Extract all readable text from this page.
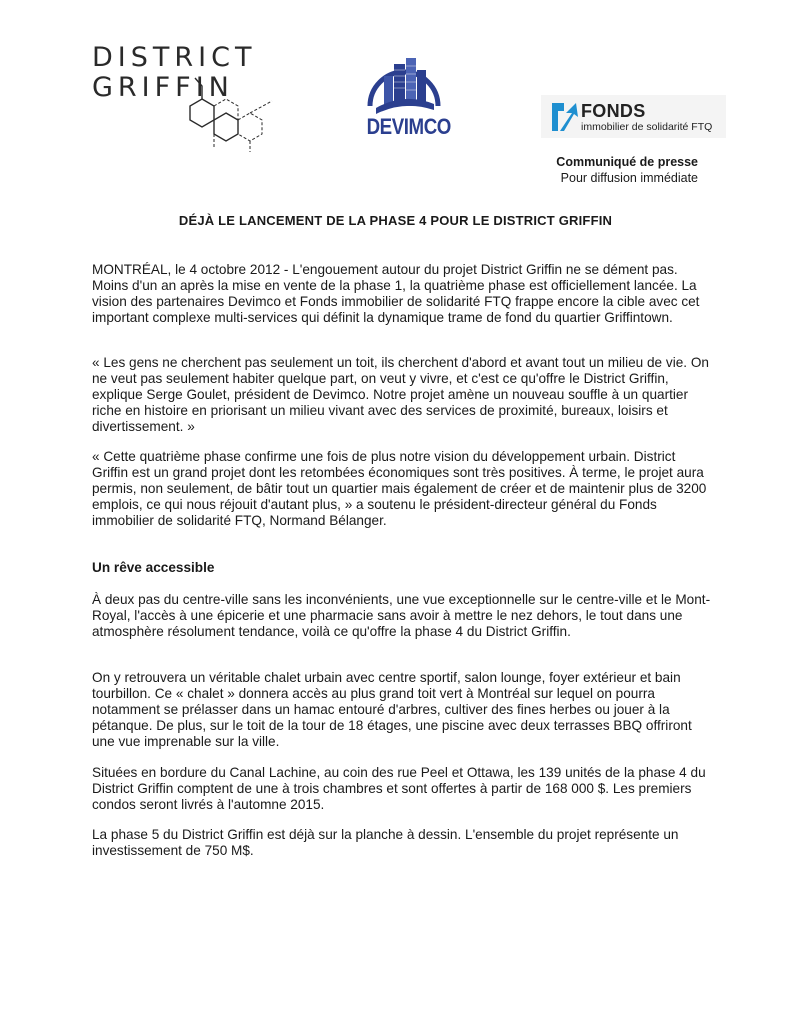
DISTRICT
GRIFFIN
DEVIMCO
FONDS
immobilier de solidarité FTQ
Communiqué de presse
Pour diffusion immédiate
DÉJÀ LE LANCEMENT DE LA PHASE 4 POUR LE DISTRICT GRIFFIN

MONTRÉAL, le 4 octobre 2012 - L'engouement autour du projet District Griffin ne se dément pas. Moins d'un an après la mise en vente de la phase 1, la quatrième phase est officiellement lancée. La vision des partenaires Devimco et Fonds immobilier de solidarité FTQ frappe encore la cible avec cet important complexe multi-services qui définit la dynamique trame de fond du quartier Griffintown.

« Les gens ne cherchent pas seulement un toit, ils cherchent d'abord et avant tout un milieu de vie. On ne veut pas seulement habiter quelque part, on veut y vivre, et c'est ce qu'offre le District Griffin, explique Serge Goulet, président de Devimco. Notre projet amène un nouveau souffle à un quartier riche en histoire en priorisant un milieu vivant avec des services de proximité, bureaux, loisirs et divertissement. »

« Cette quatrième phase confirme une fois de plus notre vision du développement urbain. District Griffin est un grand projet dont les retombées économiques sont très positives. À terme, le projet aura permis, non seulement, de bâtir tout un quartier mais également de créer et de maintenir plus de 3200 emplois, ce qui nous réjouit d'autant plus, » a soutenu le président-directeur général du Fonds immobilier de solidarité FTQ, Normand Bélanger.

Un rêve accessible

À deux pas du centre-ville sans les inconvénients, une vue exceptionnelle sur le centre-ville et le Mont-Royal, l'accès à une épicerie et une pharmacie sans avoir à mettre le nez dehors, le tout dans une atmosphère résolument tendance, voilà ce qu'offre la phase 4 du District Griffin.

On y retrouvera un véritable chalet urbain avec centre sportif, salon lounge, foyer extérieur et bain tourbillon. Ce « chalet » donnera accès au plus grand toit vert à Montréal sur lequel on pourra notamment se prélasser dans un hamac entouré d'arbres, cultiver des fines herbes ou jouer à la pétanque. De plus, sur le toit de la tour de 18 étages, une piscine avec deux terrasses BBQ offriront une vue imprenable sur la ville.

Situées en bordure du Canal Lachine, au coin des rue Peel et Ottawa, les 139 unités de la phase 4 du District Griffin comptent de une à trois chambres et sont offertes à partir de 168 000 $. Les premiers condos seront livrés à l'automne 2015.

La phase 5 du District Griffin est déjà sur la planche à dessin. L'ensemble du projet représente un investissement de 750 M$.
